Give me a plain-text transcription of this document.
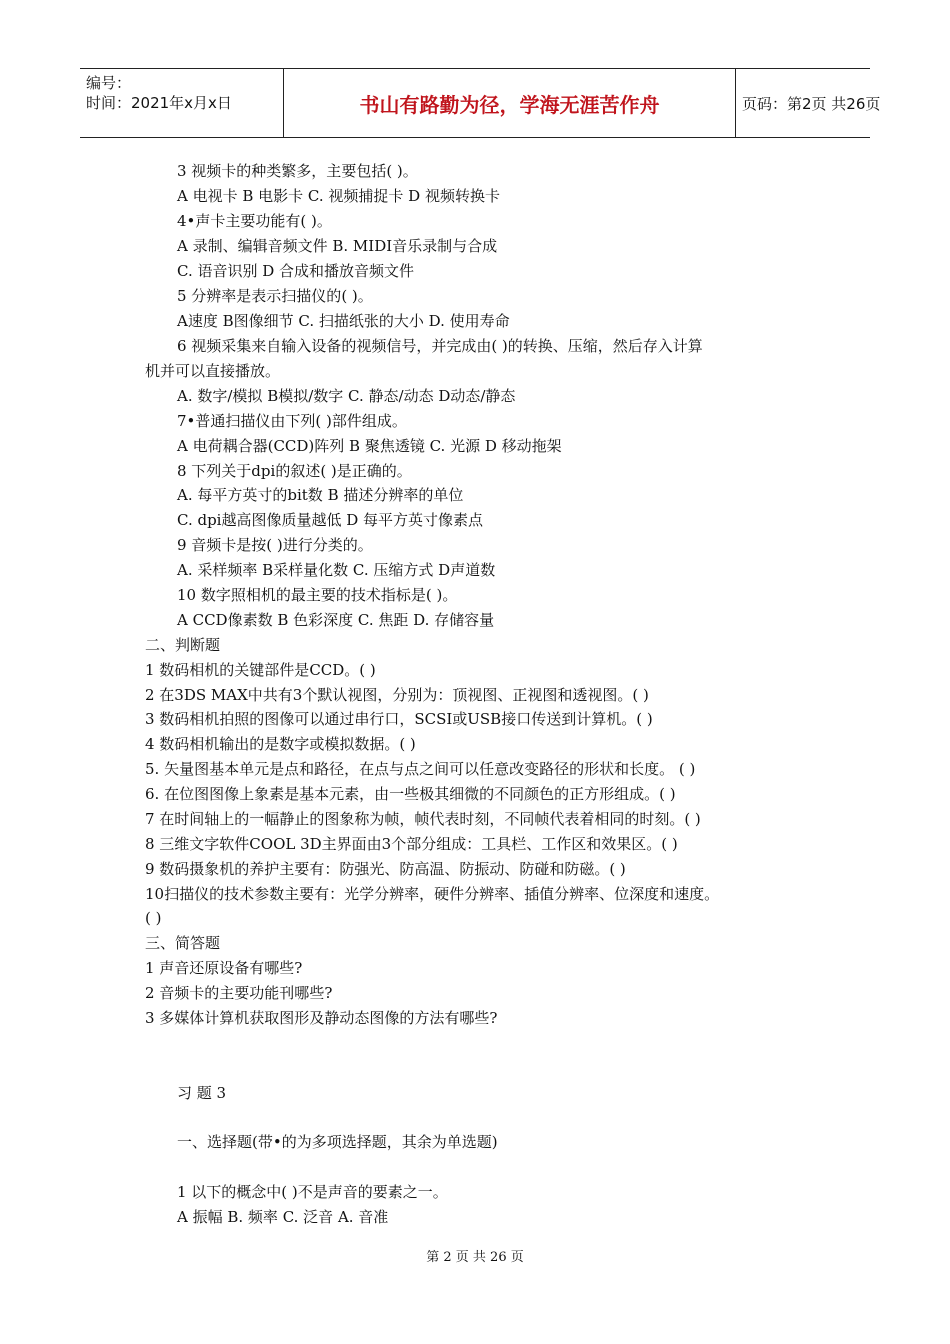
编号：
时间：2021年x月x日	书山有路勤为径，学海无涯苦作舟	页码：第2页 共26页
3 视频卡的种类繁多，主要包括( )。
A 电视卡 B 电影卡 C. 视频捕捉卡 D 视频转换卡
4•声卡主要功能有( )。
A 录制、编辑音频文件 B. MIDI音乐录制与合成
C. 语音识别 D 合成和播放音频文件
5 分辨率是表示扫描仪的( )。
A速度 B图像细节 C. 扫描纸张的大小 D. 使用寿命
6 视频采集来自输入设备的视频信号，并完成由( )的转换、压缩，然后存入计算
机并可以直接播放。
A. 数字/模拟 B模拟/数字 C. 静态/动态 D动态/静态
7•普通扫描仪由下列( )部件组成。
A 电荷耦合器(CCD)阵列 B 聚焦透镜 C. 光源 D 移动拖架
8 下列关于dpi的叙述( )是正确的。
A. 每平方英寸的bit数 B 描述分辨率的单位
C. dpi越高图像质量越低 D 每平方英寸像素点
9 音频卡是按( )进行分类的。
A. 采样频率 B采样量化数 C. 压缩方式 D声道数
10 数字照相机的最主要的技术指标是( )。
A CCD像素数 B 色彩深度 C. 焦距 D. 存储容量
二、判断题
1 数码相机的关键部件是CCD。( )
2 在3DS MAX中共有3个默认视图，分别为：顶视图、正视图和透视图。( )
3 数码相机拍照的图像可以通过串行口，SCSI或USB接口传送到计算机。( )
4 数码相机输出的是数字或模拟数据。( )
5. 矢量图基本单元是点和路径，在点与点之间可以任意改变路径的形状和长度。 ( )
6. 在位图图像上象素是基本元素，由一些极其细微的不同颜色的正方形组成。( )
7 在时间轴上的一幅静止的图象称为帧，帧代表时刻，不同帧代表着相同的时刻。( )
8 三维文字软件COOL 3D主界面由3个部分组成：工具栏、工作区和效果区。( )
9 数码摄象机的养护主要有：防强光、防高温、防振动、防碰和防磁。( )
10扫描仪的技术参数主要有：光学分辨率，硬件分辨率、插值分辨率、位深度和速度。
( )
三、简答题
1 声音还原设备有哪些?
2 音频卡的主要功能刊哪些?
3 多媒体计算机获取图形及静动态图像的方法有哪些?
习 题 3
一、选择题(带•的为多项选择题，其余为单选题)
1 以下的概念中( )不是声音的要素之一。
A 振幅 B. 频率 C. 泛音 A. 音准
第 2 页 共 26 页
